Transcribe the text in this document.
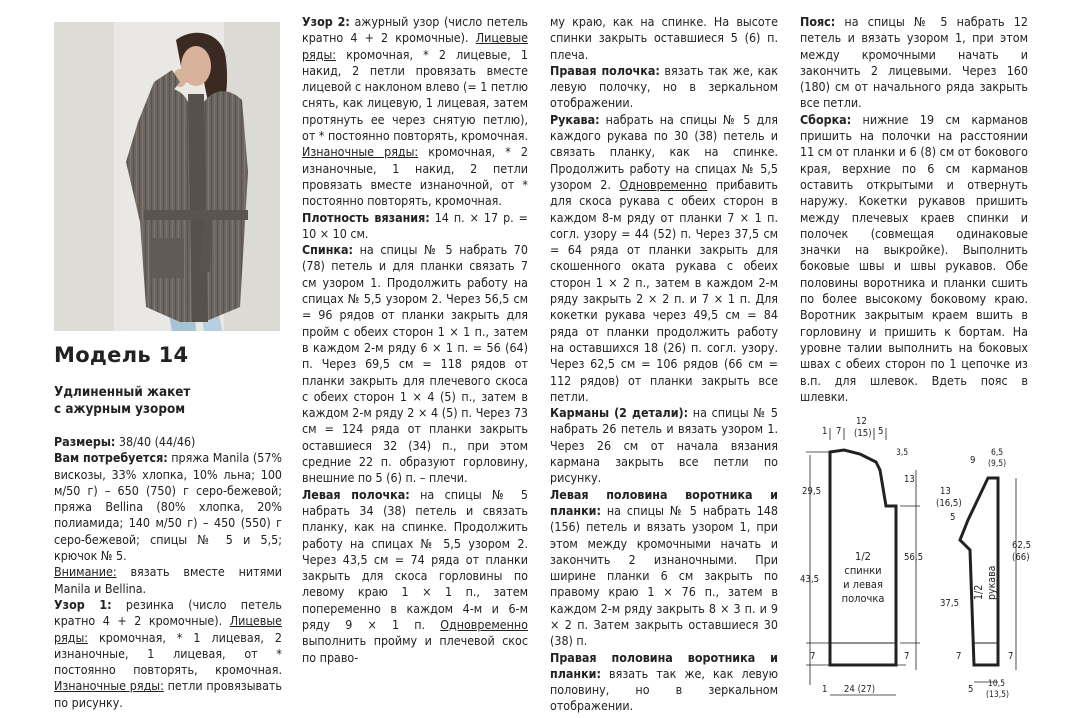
Модель 14
Удлиненный жакет
с ажурным узором

Размеры: 38/40 (44/46)

Вам потребуется: пряжа Manila (57% вискозы, 33% хлопка, 10% льна; 100 м/50 г) – 650 (750) г серо-бежевой; пряжа Bellina (80% хлопка, 20% полиамида; 140 м/50 г) – 450 (550) г серо-бежевой; спицы № 5 и 5,5; крючок № 5.

Внимание: вязать вместе нитями Manila и Bellina.

Узор 1: резинка (число петель кратно 4 + 2 кромочные). Лицевые ряды: кромочная, * 1 лицевая, 2 изнаночные, 1 лицевая, от * постоянно повторять, кромочная. Изнаночные ряды: петли провязывать по рисунку.

Узор 2: ажурный узор (число петель кратно 4 + 2 кромочные). Лицевые ряды: кромочная, * 2 лицевые, 1 накид, 2 петли провязать вместе лицевой с наклоном влево (= 1 петлю снять, как лицевую, 1 лицевая, затем протянуть ее через снятую петлю), от * постоянно повторять, кромочная. Изнаночные ряды: кромочная, * 2 изнаночные, 1 накид, 2 петли провязать вместе изнаночной, от * постоянно повторять, кромочная.

Плотность вязания: 14 п. × 17 р. = 10 × 10 см.

Спинка: на спицы № 5 набрать 70 (78) петель и для планки связать 7 см узором 1. Продолжить работу на спицах № 5,5 узором 2. Через 56,5 см = 96 рядов от планки закрыть для пройм с обеих сторон 1 × 1 п., затем в каждом 2-м ряду 6 × 1 п. = 56 (64) п. Через 69,5 см = 118 рядов от планки закрыть для плечевого скоса с обеих сторон 1 × 4 (5) п., затем в каждом 2-м ряду 2 × 4 (5) п. Через 73 см = 124 ряда от планки закрыть оставшиеся 32 (34) п., при этом средние 22 п. образуют горловину, внешние по 5 (6) п. – плечи.

Левая полочка: на спицы № 5 набрать 34 (38) петель и связать планку, как на спинке. Продолжить работу на спицах № 5,5 узором 2. Через 43,5 см = 74 ряда от планки закрыть для скоса горловины по левому краю 1 × 1 п., затем попеременно в каждом 4-м и 6-м ряду 9 × 1 п. Одновременно выполнить пройму и плечевой скос по право-

му краю, как на спинке. На высоте спинки закрыть оставшиеся 5 (6) п. плеча.

Правая полочка: вязать так же, как левую полочку, но в зеркальном отображении.

Рукава: набрать на спицы № 5 для каждого рукава по 30 (38) петель и связать планку, как на спинке. Продолжить работу на спицах № 5,5 узором 2. Одновременно прибавить для скоса рукава с обеих сторон в каждом 8-м ряду от планки 7 × 1 п. согл. узору = 44 (52) п. Через 37,5 см = 64 ряда от планки закрыть для скошенного оката рукава с обеих сторон 1 × 2 п., затем в каждом 2-м ряду закрыть 2 × 2 п. и 7 × 1 п. Для кокетки рукава через 49,5 см = 84 ряда от планки продолжить работу на оставшихся 18 (26) п. согл. узору. Через 62,5 см = 106 рядов (66 см = 112 рядов) от планки закрыть все петли.

Карманы (2 детали): на спицы № 5 набрать 26 петель и вязать узором 1. Через 26 см от начала вязания кармана закрыть все петли по рисунку.

Левая половина воротника и планки: на спицы № 5 набрать 148 (156) петель и вязать узором 1, при этом между кромочными начать и закончить 2 изнаночными. При ширине планки 6 см закрыть по правому краю 1 × 76 п., затем в каждом 2-м ряду закрыть 8 × 3 п. и 9 × 2 п. Затем закрыть оставшиеся 30 (38) п.

Правая половина воротника и планки: вязать так же, как левую половину, но в зеркальном отображении.

Пояс: на спицы № 5 набрать 12 петель и вязать узором 1, при этом между кромочными начать и закончить 2 лицевыми. Через 160 (180) см от начального ряда закрыть все петли.

Сборка: нижние 19 см карманов пришить на полочки на расстоянии 11 см от планки и 6 (8) см от бокового края, верхние по 6 см карманов оставить открытыми и отвернуть наружу. Кокетки рукавов пришить между плечевых краев спинки и полочек (совмещая одинаковые значки на выкройке). Выполнить боковые швы и швы рукавов. Обе половины воротника и планки сшить по более высокому боковому краю. Воротник закрытым краем вшить в горловину и пришить к бортам. На уровне талии выполнить на боковых швах с обеих сторон по 1 цепочке из в.п. для шлевок. Вдеть пояс в шлевки.

1 7
12
(15) 5
3,5
13
29,5
43,5
56,5
7	7
1 24 (27)
1/2
спинки
и левая
полочка
9
6,5
(9,5)
13
(16,5)
5
62,5
(66)
37,5
7	7
5 10,5
(13,5)
1/2 рукава
